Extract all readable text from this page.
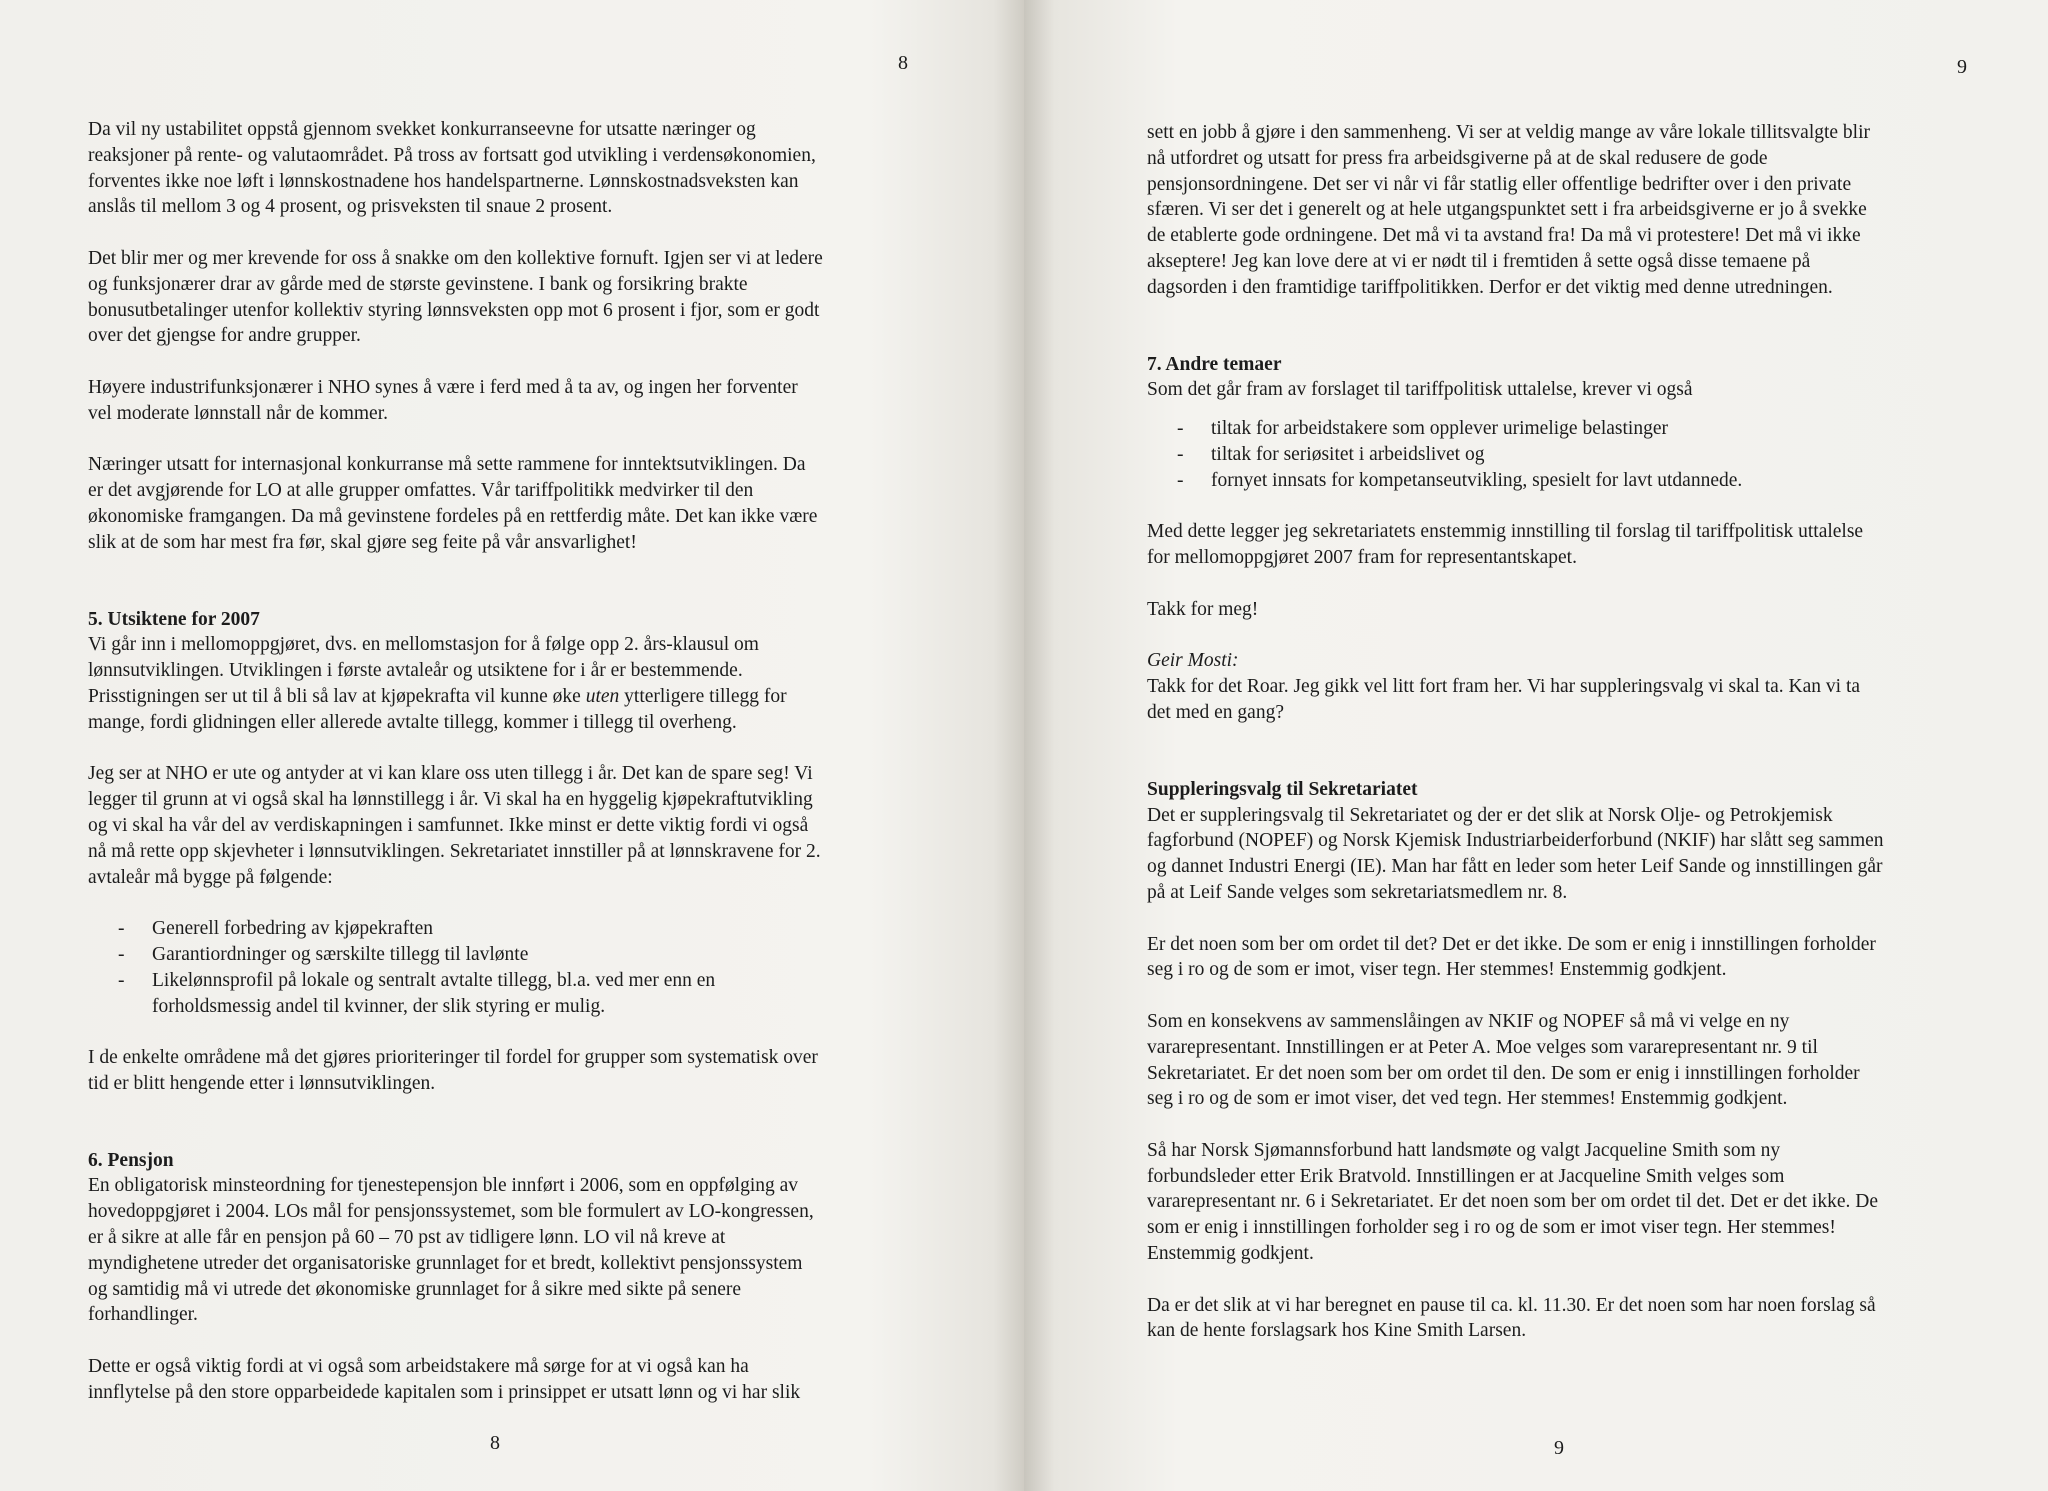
8

Da vil ny ustabilitet oppstå gjennom svekket konkurranseevne for utsatte næringer og
reaksjoner på rente- og valutaområdet. På tross av fortsatt god utvikling i verdensøkonomien,
forventes ikke noe løft i lønnskostnadene hos handelspartnerne. Lønnskostnadsveksten kan
anslås til mellom 3 og 4 prosent, og prisveksten til snaue 2 prosent.

Det blir mer og mer krevende for oss å snakke om den kollektive fornuft. Igjen ser vi at ledere
og funksjonærer drar av gårde med de største gevinstene. I bank og forsikring brakte
bonusutbetalinger utenfor kollektiv styring lønnsveksten opp mot 6 prosent i fjor, som er godt
over det gjengse for andre grupper.

Høyere industrifunksjonærer i NHO synes å være i ferd med å ta av, og ingen her forventer
vel moderate lønnstall når de kommer.

Næringer utsatt for internasjonal konkurranse må sette rammene for inntektsutviklingen. Da
er det avgjørende for LO at alle grupper omfattes. Vår tariffpolitikk medvirker til den
økonomiske framgangen. Da må gevinstene fordeles på en rettferdig måte. Det kan ikke være
slik at de som har mest fra før, skal gjøre seg feite på vår ansvarlighet!

5. Utsiktene for 2007

Vi går inn i mellomoppgjøret, dvs. en mellomstasjon for å følge opp 2. års-klausul om
lønnsutviklingen. Utviklingen i første avtaleår og utsiktene for i år er bestemmende.
Prisstigningen ser ut til å bli så lav at kjøpekrafta vil kunne øke uten ytterligere tillegg for
mange, fordi glidningen eller allerede avtalte tillegg, kommer i tillegg til overheng.

Jeg ser at NHO er ute og antyder at vi kan klare oss uten tillegg i år. Det kan de spare seg! Vi
legger til grunn at vi også skal ha lønnstillegg i år. Vi skal ha en hyggelig kjøpekraftutvikling
og vi skal ha vår del av verdiskapningen i samfunnet. Ikke minst er dette viktig fordi vi også
nå må rette opp skjevheter i lønnsutviklingen. Sekretariatet innstiller på at lønnskravene for 2.
avtaleår må bygge på følgende:

- Generell forbedring av kjøpekraften
- Garantiordninger og særskilte tillegg til lavlønte
- Likelønnsprofil på lokale og sentralt avtalte tillegg, bl.a. ved mer enn en
forholdsmessig andel til kvinner, der slik styring er mulig.

I de enkelte områdene må det gjøres prioriteringer til fordel for grupper som systematisk over
tid er blitt hengende etter i lønnsutviklingen.

6. Pensjon

En obligatorisk minsteordning for tjenestepensjon ble innført i 2006, som en oppfølging av
hovedoppgjøret i 2004. LOs mål for pensjonssystemet, som ble formulert av LO-kongressen,
er å sikre at alle får en pensjon på 60 – 70 pst av tidligere lønn. LO vil nå kreve at
myndighetene utreder det organisatoriske grunnlaget for et bredt, kollektivt pensjonssystem
og samtidig må vi utrede det økonomiske grunnlaget for å sikre med sikte på senere
forhandlinger.

Dette er også viktig fordi at vi også som arbeidstakere må sørge for at vi også kan ha
innflytelse på den store opparbeidede kapitalen som i prinsippet er utsatt lønn og vi har slik

8
9

sett en jobb å gjøre i den sammenheng. Vi ser at veldig mange av våre lokale tillitsvalgte blir
nå utfordret og utsatt for press fra arbeidsgiverne på at de skal redusere de gode
pensjonsordningene. Det ser vi når vi får statlig eller offentlige bedrifter over i den private
sfæren. Vi ser det i generelt og at hele utgangspunktet sett i fra arbeidsgiverne er jo å svekke
de etablerte gode ordningene. Det må vi ta avstand fra! Da må vi protestere! Det må vi ikke
akseptere! Jeg kan love dere at vi er nødt til i fremtiden å sette også disse temaene på
dagsorden i den framtidige tariffpolitikken. Derfor er det viktig med denne utredningen.

7. Andre temaer

Som det går fram av forslaget til tariffpolitisk uttalelse, krever vi også

- tiltak for arbeidstakere som opplever urimelige belastinger
- tiltak for seriøsitet i arbeidslivet og
- fornyet innsats for kompetanseutvikling, spesielt for lavt utdannede.

Med dette legger jeg sekretariatets enstemmig innstilling til forslag til tariffpolitisk uttalelse
for mellomoppgjøret 2007 fram for representantskapet.

Takk for meg!

Geir Mosti:

Takk for det Roar. Jeg gikk vel litt fort fram her. Vi har suppleringsvalg vi skal ta. Kan vi ta
det med en gang?

Suppleringsvalg til Sekretariatet

Det er suppleringsvalg til Sekretariatet og der er det slik at Norsk Olje- og Petrokjemisk
fagforbund (NOPEF) og Norsk Kjemisk Industriarbeiderforbund (NKIF) har slått seg sammen
og dannet Industri Energi (IE). Man har fått en leder som heter Leif Sande og innstillingen går
på at Leif Sande velges som sekretariatsmedlem nr. 8.

Er det noen som ber om ordet til det? Det er det ikke. De som er enig i innstillingen forholder
seg i ro og de som er imot, viser tegn. Her stemmes! Enstemmig godkjent.

Som en konsekvens av sammenslåingen av NKIF og NOPEF så må vi velge en ny
vararepresentant. Innstillingen er at Peter A. Moe velges som vararepresentant nr. 9 til
Sekretariatet. Er det noen som ber om ordet til den. De som er enig i innstillingen forholder
seg i ro og de som er imot viser, det ved tegn. Her stemmes! Enstemmig godkjent.

Så har Norsk Sjømannsforbund hatt landsmøte og valgt Jacqueline Smith som ny
forbundsleder etter Erik Bratvold. Innstillingen er at Jacqueline Smith velges som
vararepresentant nr. 6 i Sekretariatet. Er det noen som ber om ordet til det. Det er det ikke. De
som er enig i innstillingen forholder seg i ro og de som er imot viser tegn. Her stemmes!
Enstemmig godkjent.

Da er det slik at vi har beregnet en pause til ca. kl. 11.30. Er det noen som har noen forslag så
kan de hente forslagsark hos Kine Smith Larsen.

9
